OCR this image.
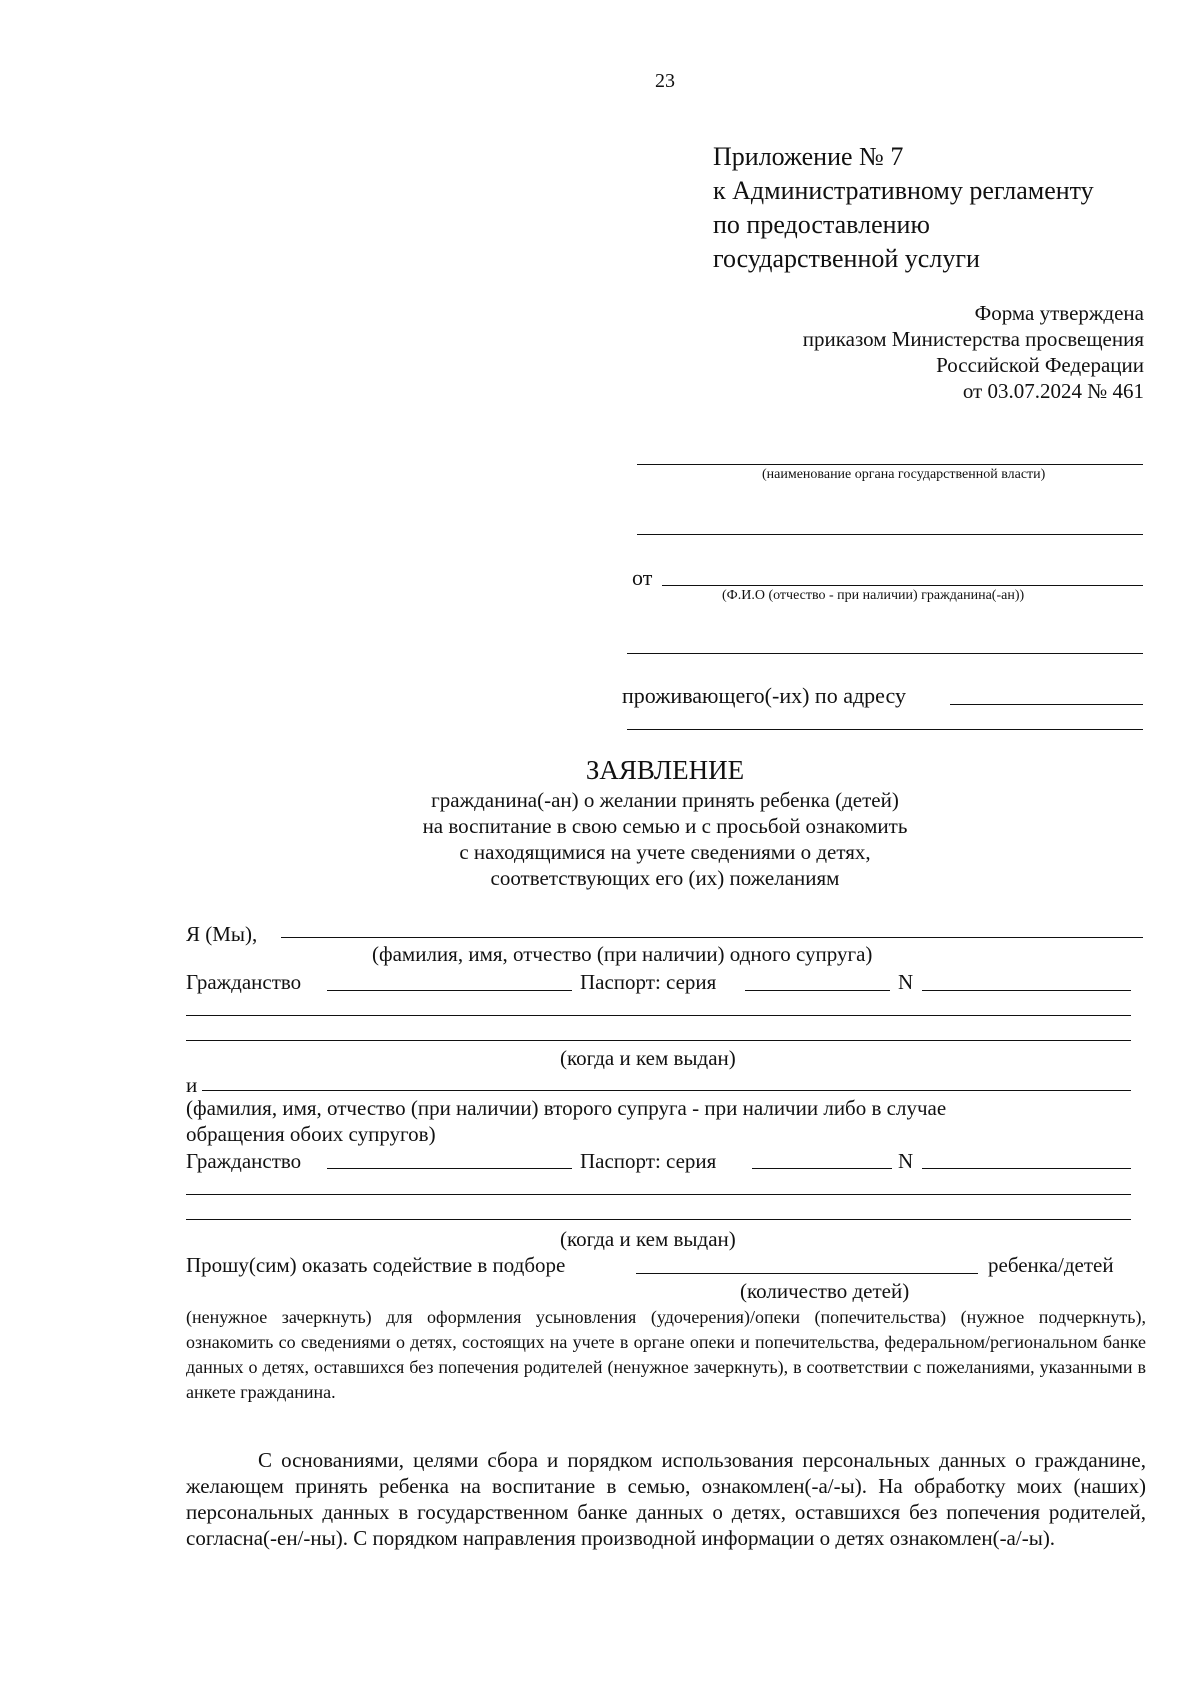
23
Приложение № 7
к Административному регламенту
по предоставлению
государственной услуги
Форма утверждена
приказом Министерства просвещения
Российской Федерации
от 03.07.2024 № 461
(наименование органа государственной власти)
от
(Ф.И.О (отчество - при наличии) гражданина(-ан))
проживающего(-их) по адресу
ЗАЯВЛЕНИЕ
гражданина(-ан) о желании принять ребенка (детей)
на воспитание в свою семью и с просьбой ознакомить
с находящимися на учете сведениями о детях,
соответствующих его (их) пожеланиям
Я (Мы),
(фамилия, имя, отчество (при наличии) одного супруга)
Гражданство	Паспорт: серия	N
(когда и кем выдан)
и
(фамилия, имя, отчество (при наличии) второго супруга - при наличии либо в случае
обращения обоих супругов)
Гражданство	Паспорт: серия	N
(когда и кем выдан)
Прошу(сим) оказать содействие в подборе	ребенка/детей
(количество детей)
(ненужное зачеркнуть) для оформления усыновления (удочерения)/опеки (попечительства) (нужное подчеркнуть), ознакомить со сведениями о детях, состоящих на учете в органе опеки и попечительства, федеральном/региональном банке данных о детях, оставшихся без попечения родителей (ненужное зачеркнуть), в соответствии с пожеланиями, указанными в анкете гражданина.
С основаниями, целями сбора и порядком использования персональных данных о гражданине, желающем принять ребенка на воспитание в семью, ознакомлен(-а/-ы). На обработку моих (наших) персональных данных в государственном банке данных о детях, оставшихся без попечения родителей, согласна(-ен/-ны). С порядком направления производной информации о детях ознакомлен(-а/-ы).
